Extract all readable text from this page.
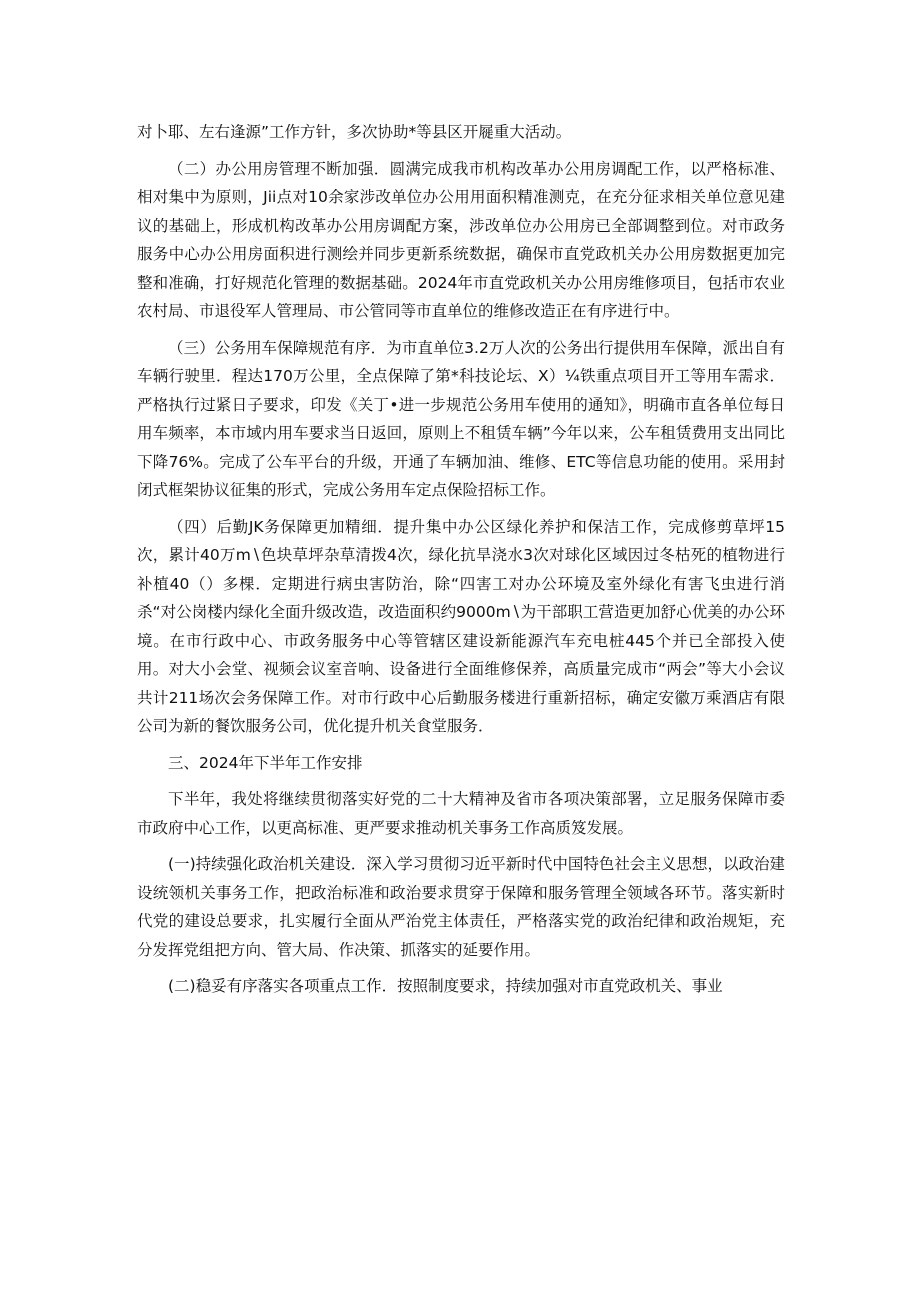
对卜耶、左右逢源”工作方针，多次协助*等县区开屣重大活动。

（二）办公用房管理不断加强．圆满完成我市机构改革办公用房调配工作，以严格标准、相对集中为原则，Jii点对10余家涉改单位办公用用面积精准测克，在充分征求相关单位意见建议的基础上，形成机构改革办公用房调配方案，涉改单位办公用房已全部调整到位。对市政务服务中心办公用房面积进行测绘并同步更新系统数据，确保市直党政机关办公用房数据更加完整和准确，打好规范化管理的数据基础。2024年市直党政机关办公用房维修项目，包括市农业农村局、市退役军人管理局、市公管同等市直单位的维修改造正在有序进行中。

（三）公务用车保障规范有序．为市直单位3.2万人次的公务出行提供用车保障，派出自有车辆行驶里．程达170万公里，全点保障了第*科技论坛、X）¼铁重点项目开工等用车需求．严格执行过紧日子要求，印发《关丁•进一步规范公务用车使用的通知》，明确市直各单位每日用车频率，本市域内用车要求当日返回，原则上不租赁车辆”今年以来，公车租赁费用支出同比下降76%。完成了公车平台的升级，开通了车辆加油、维修、ETC等信息功能的使用。采用封闭式框架协议征集的形式，完成公务用车定点保险招标工作。

（四）后勤JK务保障更加精细．提升集中办公区绿化养护和保洁工作，完成修剪草坪15次，累计40万m∖色块草坪杂草清拨4次，绿化抗旱浇水3次对球化区域因过冬枯死的植物进行补植40（）多棵．定期进行病虫害防治，除“四害工对办公环境及室外绿化有害飞虫进行消杀“对公岗楼内绿化全面升级改造，改造面积约9000m∖为干部职工营造更加舒心优美的办公环境。在市行政中心、市政务服务中心等管辖区建设新能源汽车充电桩445个并已全部投入使用。对大小会堂、视频会议室音响、设备进行全面维修保养，高质量完成市“两会”等大小会议共计211场次会务保障工作。对市行政中心后勤服务楼进行重新招标，确定安徽万乘酒店有限公司为新的餐饮服务公司，优化提升机关食堂服务．

三、2024年下半年工作安排

下半年，我处将继续贯彻落实好党的二十大精神及省市各项决策部署，立足服务保障市委市政府中心工作，以更高标准、更严要求推动机关事务工作高质笈发展。

(一)持续强化政治机关建设．深入学习贯彻习近平新时代中国特色社会主义思想，以政治建设统领机关事务工作，把政治标准和政治要求贯穿于保障和服务管理全领域各环节。落实新时代党的建设总要求，扎实履行全面从严治党主体责任，严格落实党的政治纪律和政治规矩，充分发挥党组把方向、管大局、作决策、抓落实的延要作用。

(二)稳妥有序落实各项重点工作．按照制度要求，持续加强对市直党政机关、事业
